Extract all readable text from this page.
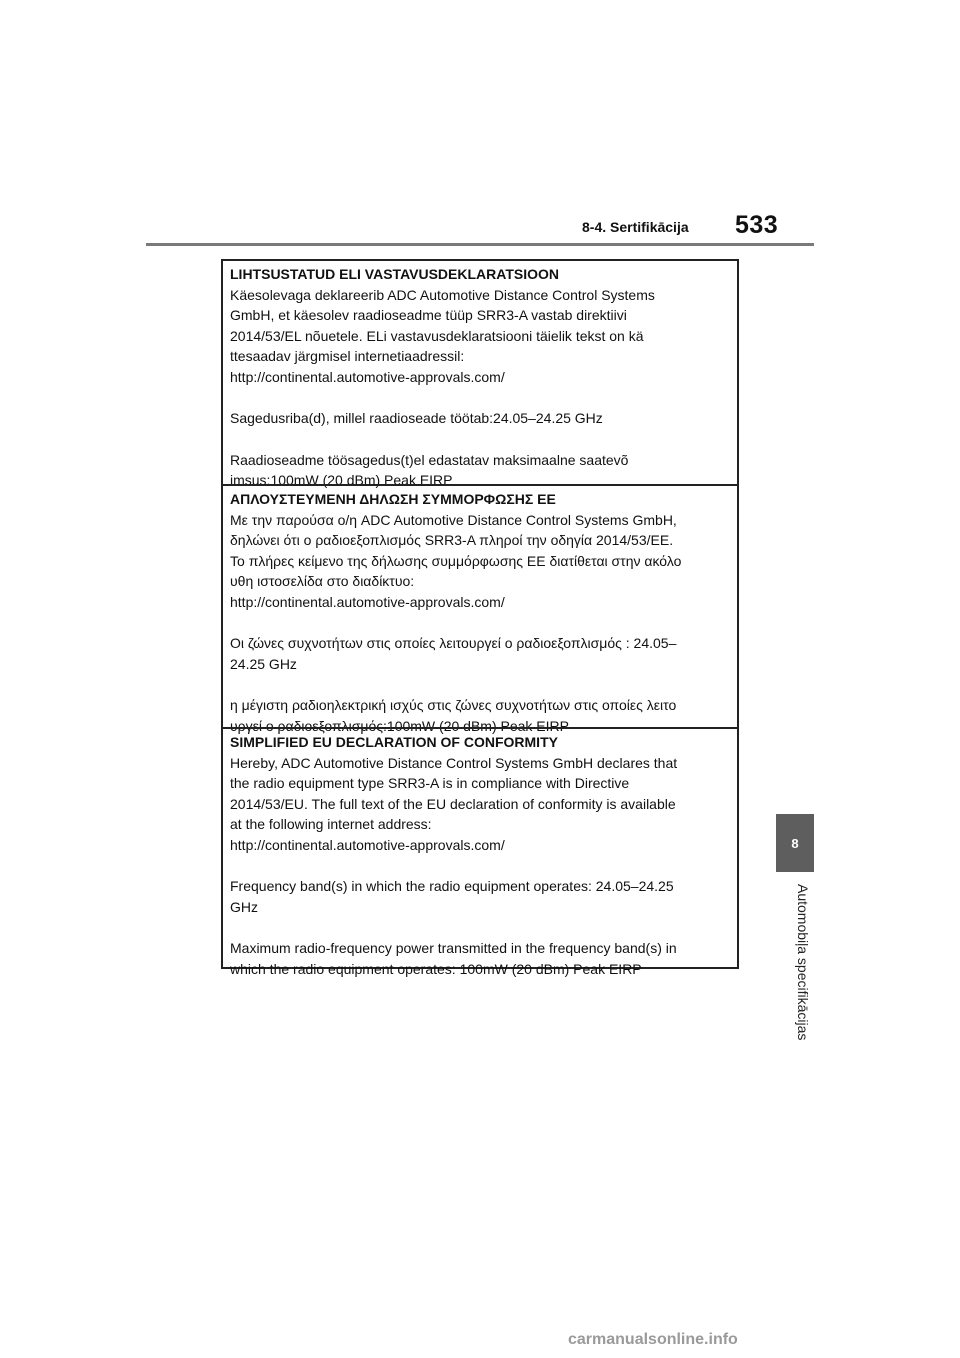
8-4. Sertifikācija 533
8
Automobiļa specifikācijas
LIHTSUSTATUD ELI VASTAVUSDEKLARATSIOON
Käesolevaga deklareerib ADC Automotive Distance Control Systems
GmbH, et käesolev raadioseadme tüüp SRR3-A vastab direktiivi
2014/53/EL nõuetele. ELi vastavusdeklaratsiooni täielik tekst on kä
ttesaadav järgmisel internetiaadressil:
http://continental.automotive-approvals.com/
Sagedusriba(d), millel raadioseade töötab:24.05–24.25 GHz
Raadioseadme töösagedus(t)el edastatav maksimaalne saatevõ
imsus:100mW (20 dBm) Peak EIRP
ΑΠΛΟΥΣΤΕΥΜΕΝΗ ΔΗΛΩΣΗ ΣΥΜΜΟΡΦΩΣΗΣ ΕΕ
Με την παρούσα ο/η ADC Automotive Distance Control Systems GmbH,
δηλώνει ότι ο ραδιοεξοπλισμός SRR3-A πληροί την οδηγία 2014/53/ΕΕ.
Το πλήρες κείμενο της δήλωσης συμμόρφωσης ΕΕ διατίθεται στην ακόλο
υθη ιστοσελίδα στο διαδίκτυο:
http://continental.automotive-approvals.com/
Οι ζώνες συχνοτήτων στις οποίες λειτουργεί ο ραδιοεξοπλισμός : 24.05–
24.25 GHz
η μέγιστη ραδιοηλεκτρική ισχύς στις ζώνες συχνοτήτων στις οποίες λειτο
υργεί ο ραδιοεξοπλισμός:100mW (20 dBm) Peak EIRP
SIMPLIFIED EU DECLARATION OF CONFORMITY
Hereby, ADC Automotive Distance Control Systems GmbH declares that
the radio equipment type SRR3-A is in compliance with Directive
2014/53/EU. The full text of the EU declaration of conformity is available
at the following internet address:
http://continental.automotive-approvals.com/
Frequency band(s) in which the radio equipment operates: 24.05–24.25
GHz
Maximum radio-frequency power transmitted in the frequency band(s) in
which the radio equipment operates: 100mW (20 dBm) Peak EIRP
carmanualsonline.info
